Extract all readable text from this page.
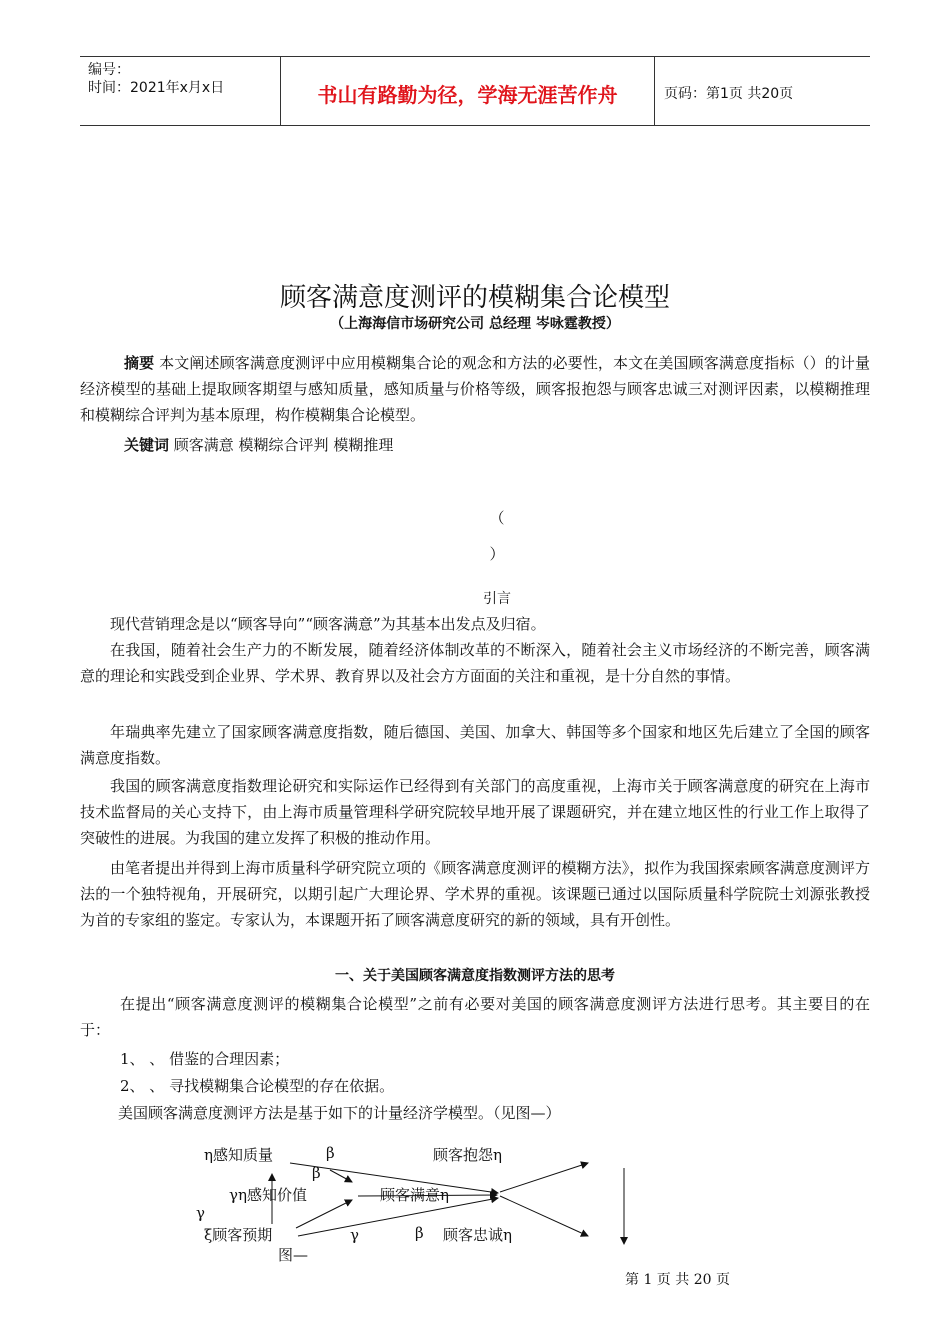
编号：
时间：2021年x月x日	书山有路勤为径，学海无涯苦作舟	页码：第1页 共20页
顾客满意度测评的模糊集合论模型
（上海海信市场研究公司 总经理 岑咏霆教授）
摘要 本文阐述顾客满意度测评中应用模糊集合论的观念和方法的必要性，本文在美国顾客满意度指标（）的计量经济模型的基础上提取顾客期望与感知质量，感知质量与价格等级，顾客报抱怨与顾客忠诚三对测评因素，以模糊推理和模糊综合评判为基本原理，构作模糊集合论模型。
关键词 顾客满意 模糊综合评判 模糊推理
（
）
引言
现代营销理念是以“顾客导向”“顾客满意”为其基本出发点及归宿。
在我国，随着社会生产力的不断发展，随着经济体制改革的不断深入，随着社会主义市场经济的不断完善，顾客满意的理论和实践受到企业界、学术界、教育界以及社会方方面面的关注和重视，是十分自然的事情。
年瑞典率先建立了国家顾客满意度指数，随后德国、美国、加拿大、韩国等多个国家和地区先后建立了全国的顾客满意度指数。
我国的顾客满意度指数理论研究和实际运作已经得到有关部门的高度重视，上海市关于顾客满意度的研究在上海市技术监督局的关心支持下，由上海市质量管理科学研究院较早地开展了课题研究，并在建立地区性的行业工作上取得了突破性的进展。为我国的建立发挥了积极的推动作用。
由笔者提出并得到上海市质量科学研究院立项的《顾客满意度测评的模糊方法》，拟作为我国探索顾客满意度测评方法的一个独特视角，开展研究，以期引起广大理论界、学术界的重视。该课题已通过以国际质量科学院院士刘源张教授为首的专家组的鉴定。专家认为，本课题开拓了顾客满意度研究的新的领域，具有开创性。
一、关于美国顾客满意度指数测评方法的思考
在提出“顾客满意度测评的模糊集合论模型”之前有必要对美国的顾客满意度测评方法进行思考。其主要目的在于：
1、 、 借鉴的合理因素；
2、 、 寻找模糊集合论模型的存在依据。
美国顾客满意度测评方法是基于如下的计量经济学模型。（见图—）
η感知质量	β
β
顾客抱怨η
γη感知价值	顾客满意η
γ
ξ顾客预期	γ	β 顾客忠诚η
图—
第 1 页 共 20 页
